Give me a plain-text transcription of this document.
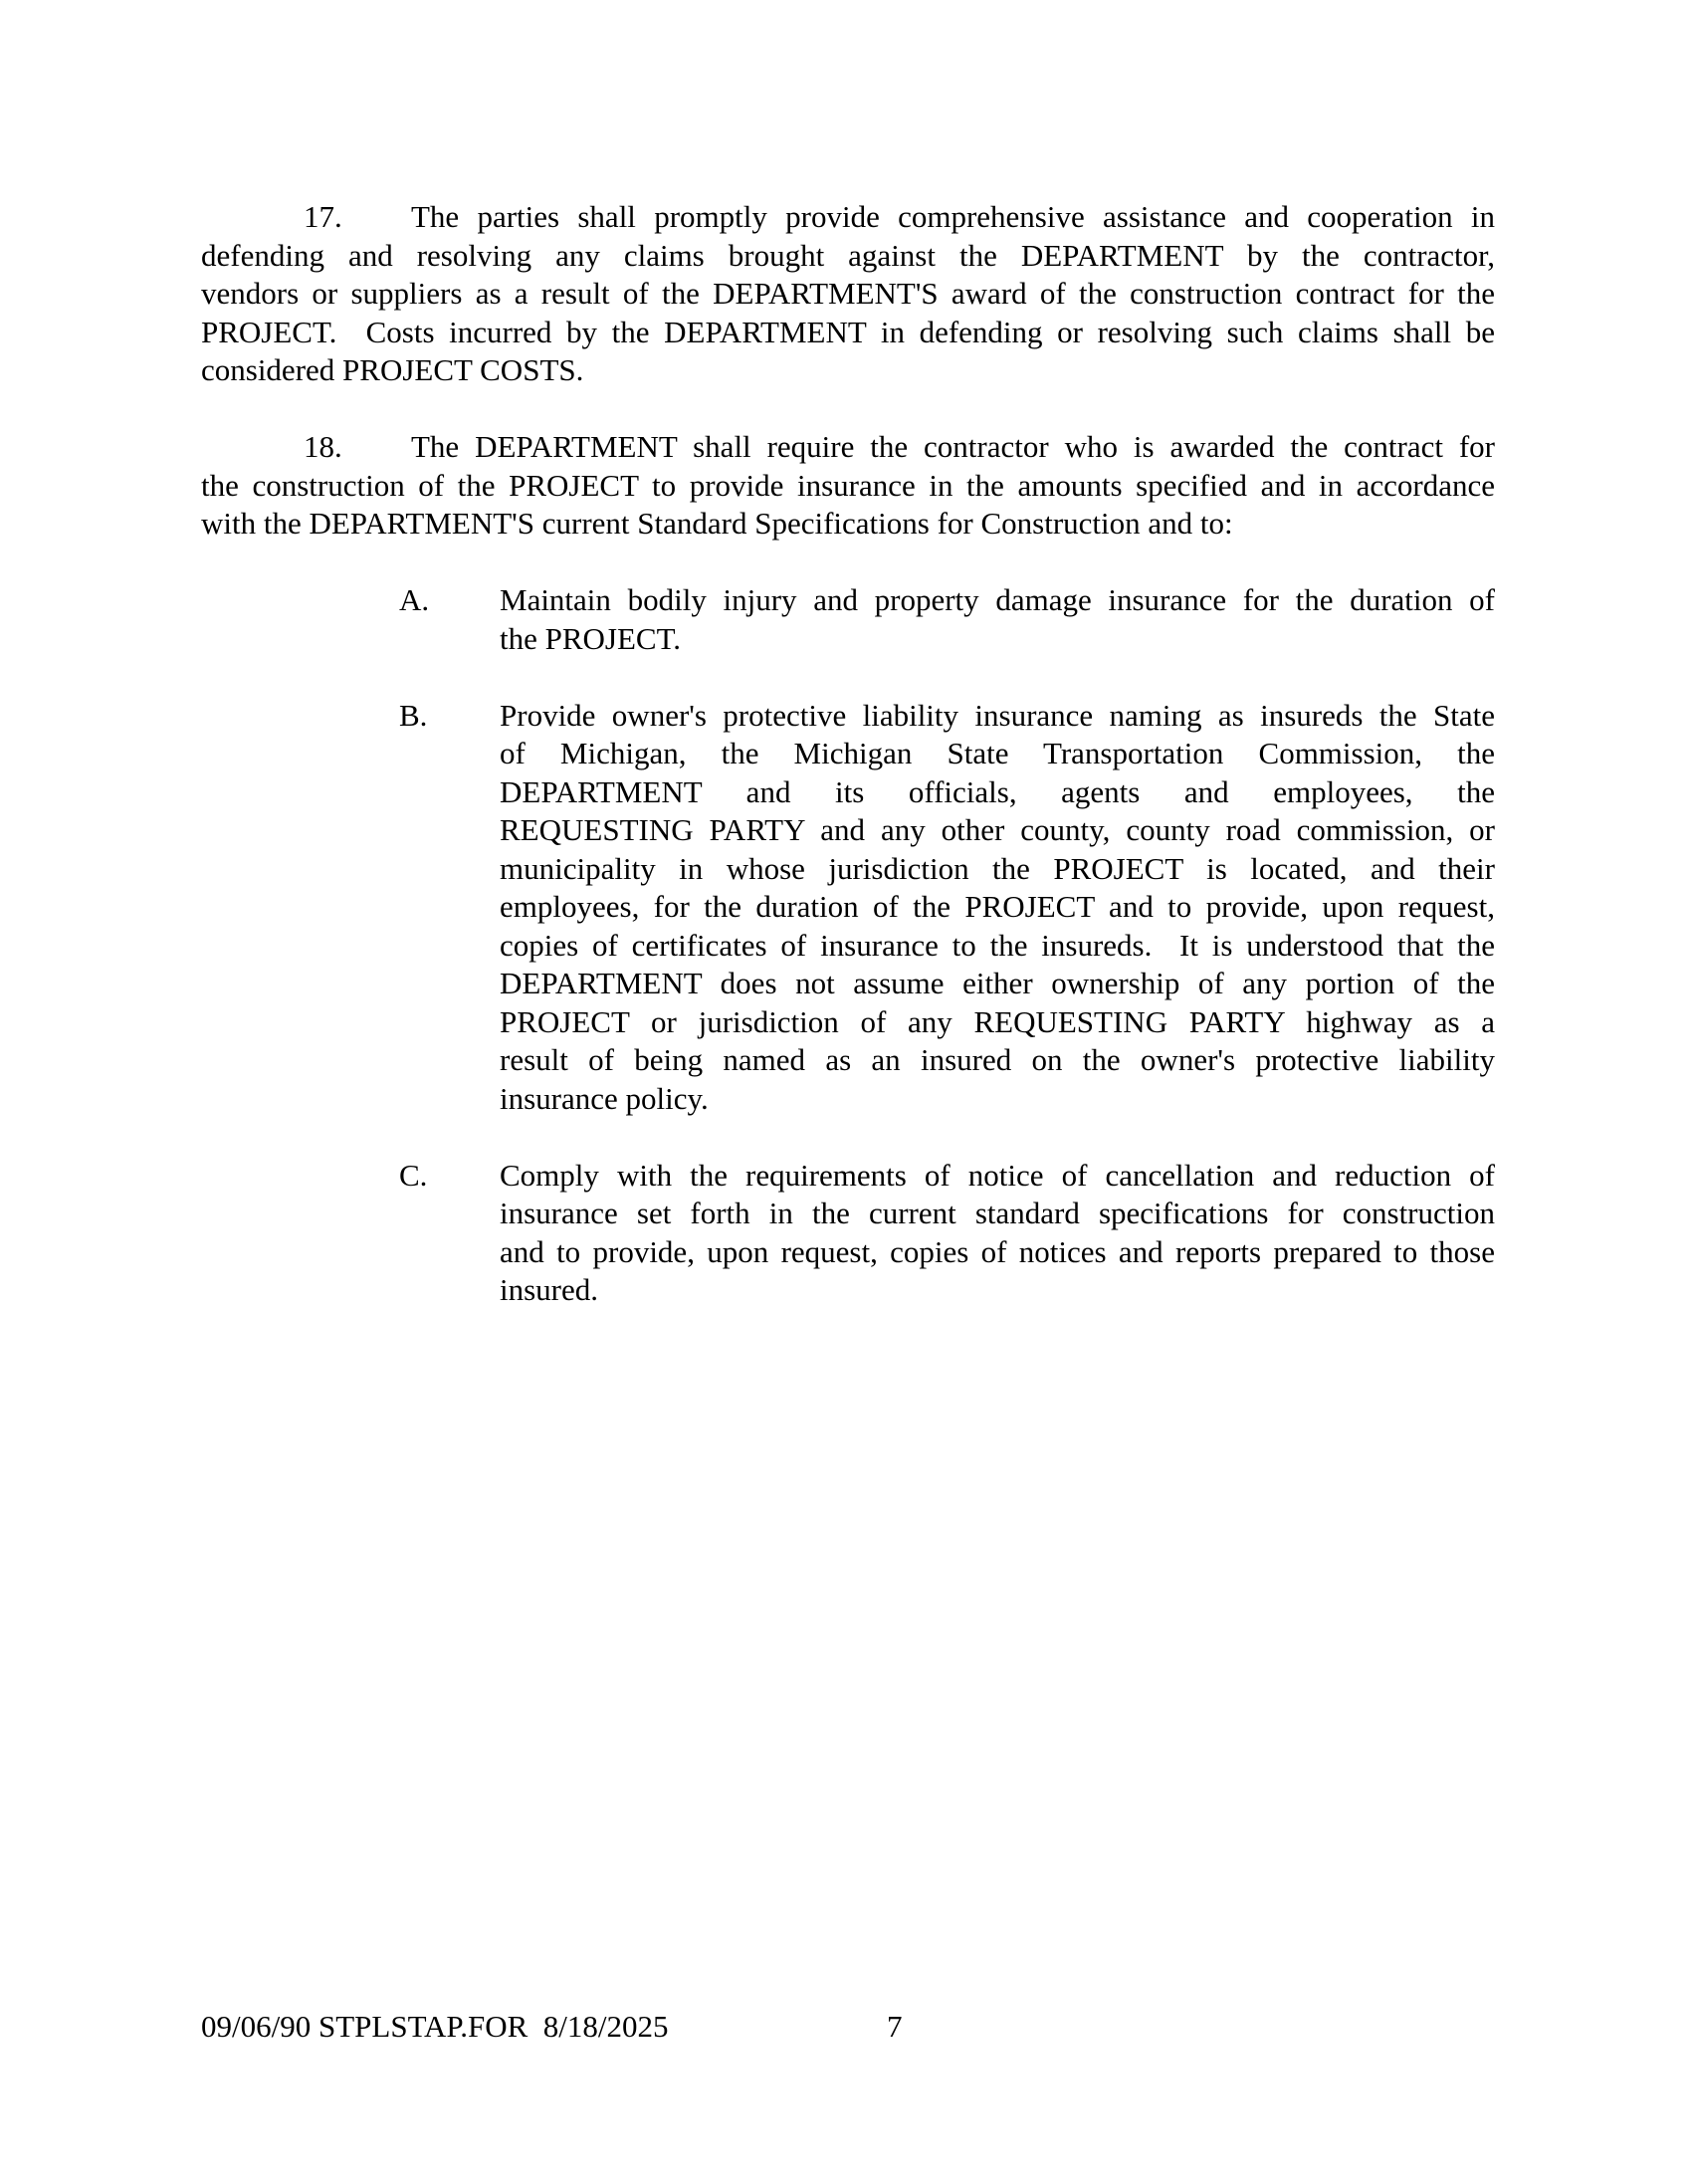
17. The parties shall promptly provide comprehensive assistance and cooperation in
defending and resolving any claims brought against the DEPARTMENT by the contractor,
vendors or suppliers as a result of the DEPARTMENT'S award of the construction contract for the
PROJECT.  Costs incurred by the DEPARTMENT in defending or resolving such claims shall be
considered PROJECT COSTS.
18. The DEPARTMENT shall require the contractor who is awarded the contract for
the construction of the PROJECT to provide insurance in the amounts specified and in accordance
with the DEPARTMENT'S current Standard Specifications for Construction and to:
A.	Maintain bodily injury and property damage insurance for the duration of
the PROJECT.
B.	Provide owner's protective liability insurance naming as insureds the State
of Michigan, the Michigan State Transportation Commission, the
DEPARTMENT and its officials, agents and employees, the
REQUESTING PARTY and any other county, county road commission, or
municipality in whose jurisdiction the PROJECT is located, and their
employees, for the duration of the PROJECT and to provide, upon request,
copies of certificates of insurance to the insureds.  It is understood that the
DEPARTMENT does not assume either ownership of any portion of the
PROJECT or jurisdiction of any REQUESTING PARTY highway as a
result of being named as an insured on the owner's protective liability
insurance policy.
C.	Comply with the requirements of notice of cancellation and reduction of
insurance set forth in the current standard specifications for construction
and to provide, upon request, copies of notices and reports prepared to those
insured.
09/06/90 STPLSTAP.FOR  8/18/2025	7
